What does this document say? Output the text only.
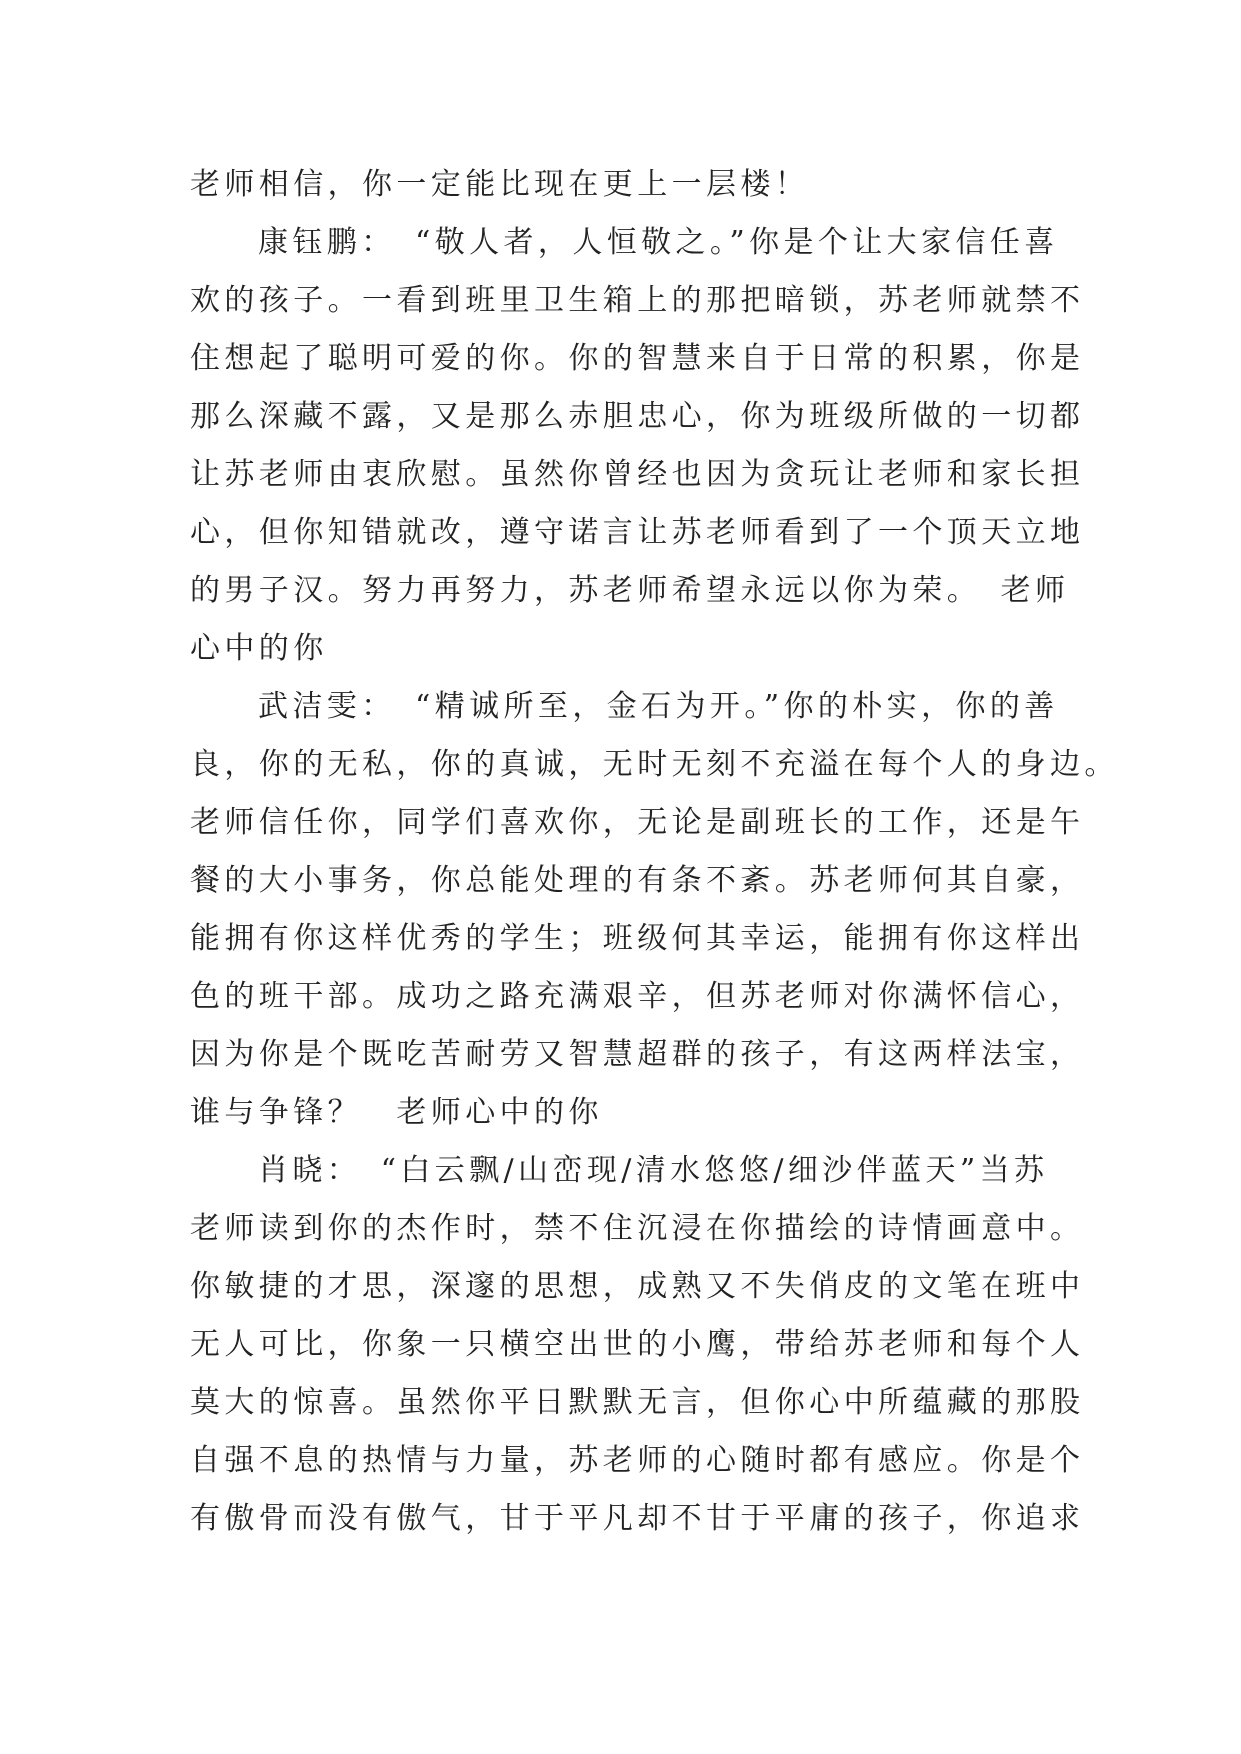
老师相信，你一定能比现在更上一层楼！
康钰鹏：　“敬人者，人恒敬之。”你是个让大家信任喜
欢的孩子。一看到班里卫生箱上的那把暗锁，苏老师就禁不
住想起了聪明可爱的你。你的智慧来自于日常的积累，你是
那么深藏不露，又是那么赤胆忠心，你为班级所做的一切都
让苏老师由衷欣慰。虽然你曾经也因为贪玩让老师和家长担
心，但你知错就改，遵守诺言让苏老师看到了一个顶天立地
的男子汉。努力再努力，苏老师希望永远以你为荣。　老师
心中的你
武洁雯：　“精诚所至，金石为开。”你的朴实，你的善
良，你的无私，你的真诚，无时无刻不充溢在每个人的身边。
老师信任你，同学们喜欢你，无论是副班长的工作，还是午
餐的大小事务，你总能处理的有条不紊。苏老师何其自豪，
能拥有你这样优秀的学生；班级何其幸运，能拥有你这样出
色的班干部。成功之路充满艰辛，但苏老师对你满怀信心，
因为你是个既吃苦耐劳又智慧超群的孩子，有这两样法宝，
谁与争锋？　老师心中的你
肖晓：　“白云飘/山峦现/清水悠悠/细沙伴蓝天”当苏
老师读到你的杰作时，禁不住沉浸在你描绘的诗情画意中。
你敏捷的才思，深邃的思想，成熟又不失俏皮的文笔在班中
无人可比，你象一只横空出世的小鹰，带给苏老师和每个人
莫大的惊喜。虽然你平日默默无言，但你心中所蕴藏的那股
自强不息的热情与力量，苏老师的心随时都有感应。你是个
有傲骨而没有傲气，甘于平凡却不甘于平庸的孩子，你追求
